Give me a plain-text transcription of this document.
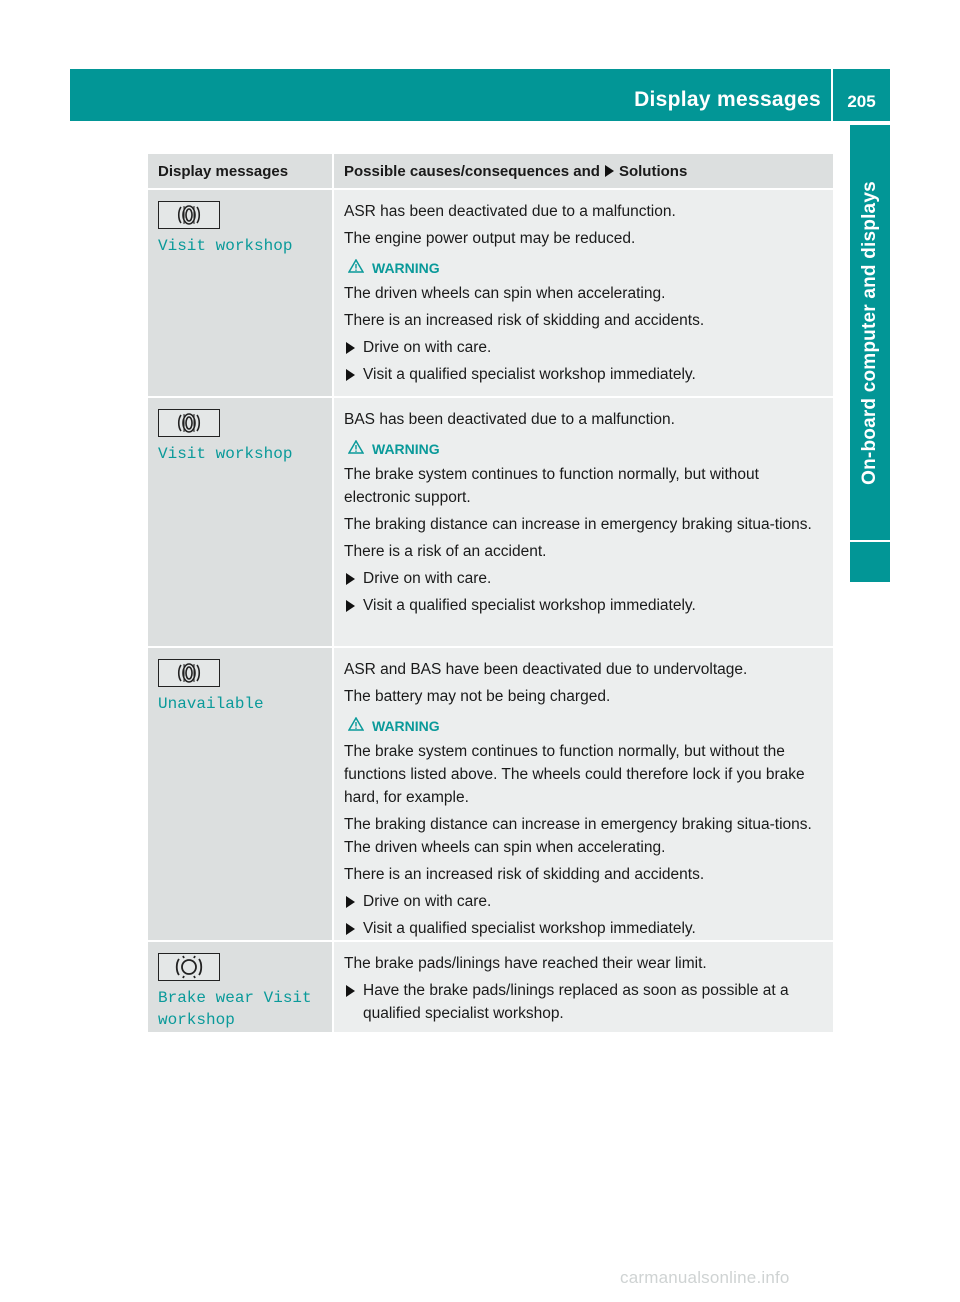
Display messages	205
On-board computer and displays
Display messages	Possible causes/consequences and Solutions
Visit workshop

ASR has been deactivated due to a malfunction.

The engine power output may be reduced.

WARNING

The driven wheels can spin when accelerating.

There is an increased risk of skidding and accidents.

Drive on with care.
Visit a qualified specialist workshop immediately.
Visit workshop

BAS has been deactivated due to a malfunction.

WARNING

The brake system continues to function normally, but without electronic support.

The braking distance can increase in emergency braking situa-tions.

There is a risk of an accident.

Drive on with care.
Visit a qualified specialist workshop immediately.
Unavailable

ASR and BAS have been deactivated due to undervoltage.

The battery may not be being charged.

WARNING

The brake system continues to function normally, but without the functions listed above. The wheels could therefore lock if you brake hard, for example.

The braking distance can increase in emergency braking situa-tions. The driven wheels can spin when accelerating.

There is an increased risk of skidding and accidents.

Drive on with care.
Visit a qualified specialist workshop immediately.
Brake wear Visit workshop

The brake pads/linings have reached their wear limit.

Have the brake pads/linings replaced as soon as possible at a qualified specialist workshop.
carmanualsonline.info
